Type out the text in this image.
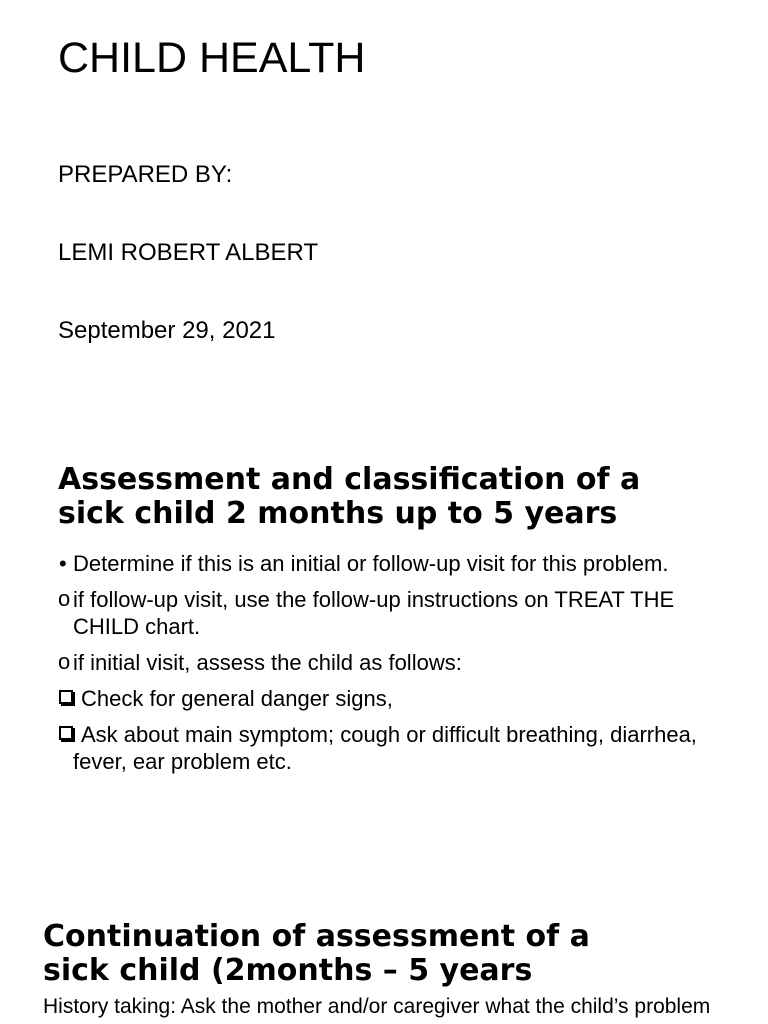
CHILD HEALTH
PREPARED BY:
LEMI ROBERT ALBERT
September 29, 2021
Assessment and classification of a
sick child 2 months up to 5 years
• Determine if this is an initial or follow-up visit for this problem.
o if follow-up visit, use the follow-up instructions on TREAT THE CHILD chart.
o if initial visit, assess the child as follows:
Check for general danger signs,
Ask about main symptom; cough or difficult breathing, diarrhea, fever, ear problem etc.
Continuation of assessment of a
sick child (2months – 5 years

History taking: Ask the mother and/or caregiver what the child’s problem
